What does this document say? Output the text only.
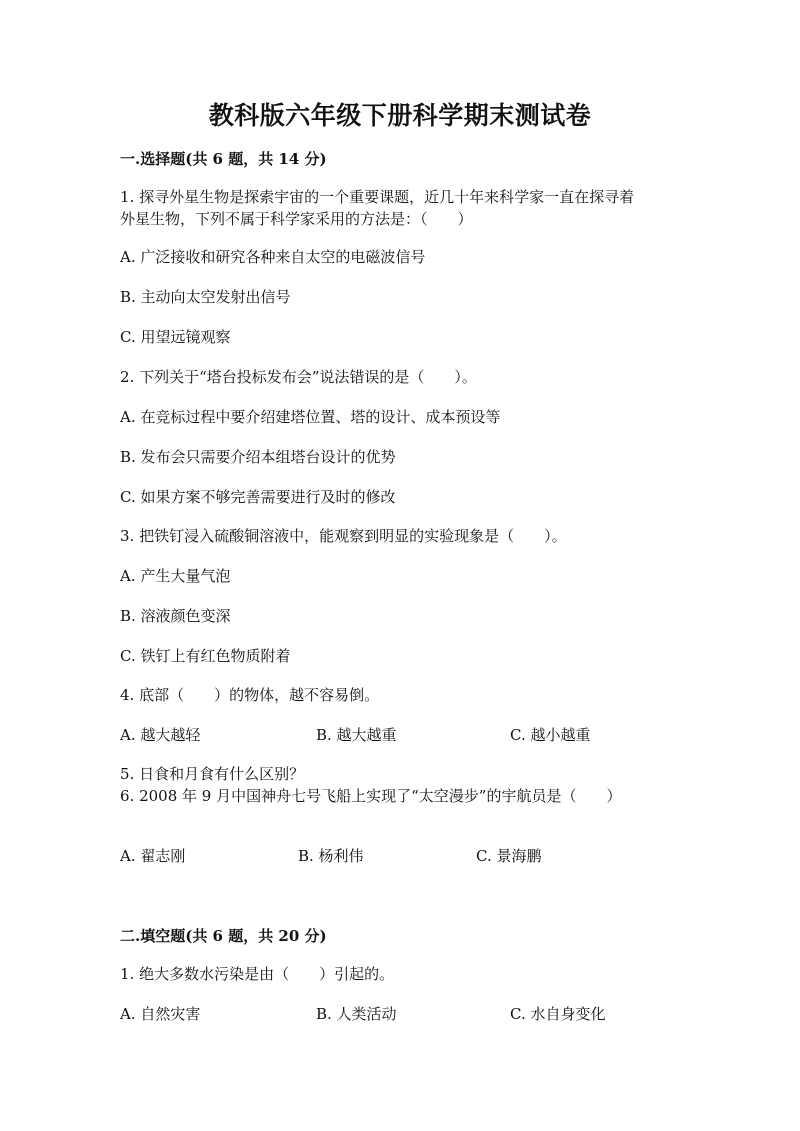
教科版六年级下册科学期末测试卷
一.选择题(共 6 题，共 14 分)
1. 探寻外星生物是探索宇宙的一个重要课题，近几十年来科学家一直在探寻着
外星生物，下列不属于科学家采用的方法是：（　　）
A. 广泛接收和研究各种来自太空的电磁波信号
B. 主动向太空发射出信号
C. 用望远镜观察
2. 下列关于“塔台投标发布会”说法错误的是（　　）。
A. 在竞标过程中要介绍建塔位置、塔的设计、成本预设等
B. 发布会只需要介绍本组塔台设计的优势
C. 如果方案不够完善需要进行及时的修改
3. 把铁钉浸入硫酸铜溶液中，能观察到明显的实验现象是（　　）。
A. 产生大量气泡
B. 溶液颜色变深
C. 铁钉上有红色物质附着
4. 底部（　　）的物体，越不容易倒。
A. 越大越轻	B. 越大越重	C. 越小越重
5. 日食和月食有什么区别？
6. 2008 年 9 月中国神舟七号飞船上实现了“太空漫步”的宇航员是（　　）
A. 翟志刚	B. 杨利伟	C. 景海鹏
二.填空题(共 6 题，共 20 分)
1. 绝大多数水污染是由（　　）引起的。
A. 自然灾害	B. 人类活动	C. 水自身变化
